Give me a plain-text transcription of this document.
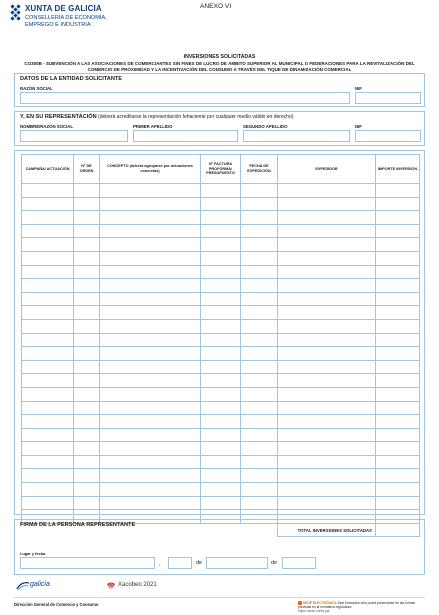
XUNTA DE GALICIA
CONSELLERÍA DE ECONOMÍA,
EMPREGO E INDUSTRIA
ANEXO VI
INVERSIONES SOLICITADAS
CO300B - SUBVENCIÓN A LAS ASOCIACIONES DE COMERCIANTES SIN FINES DE LUCRO DE ÁMBITO SUPERIOR AL MUNICIPAL O FEDERACIONES PARA LA REVITALIZACIÓN DEL COMERCIO DE PROXIMIDAD Y LA INCENTIVACIÓN DEL CONSUMO A TRAVÉS DEL TIQUE DE DINAMIZACIÓN COMERCIAL
DATOS DE LA ENTIDAD SOLICITANTE
RAZÓN SOCIAL	NIF
Y, EN SU REPRESENTACIÓN (deberá acreditarse la representación fehaciente por cualquier medio válido en derecho)
NOMBRE/RAZÓN SOCIAL	PRIMER APELLIDO	SEGUNDO APELLIDO	NIF
CAMPAÑA/ ACTUACIÓN	Nº DE ORDEN	CONCEPTO (deberá agruparse por actuaciones concretas)	Nº FACTURA PROFORMA/ PRESUPUESTO	FECHA DE EXPEDICIÓN	EXPEDIDOR	IMPORTE INVERSIÓN

					TOTAL INVERSIONES SOLICITADAS	
FIRMA DE LA PERSONA REPRESENTANTE
Lugar y fecha
,	de	de
galicia	Xacobeo 2021
Dirección General de Comercio y Consumo	SEDE ELECTRÓNICA Este formulario sólo podrá presentarse en las formas previstas en la normativa reguladora
https://sede.xunta.gal
